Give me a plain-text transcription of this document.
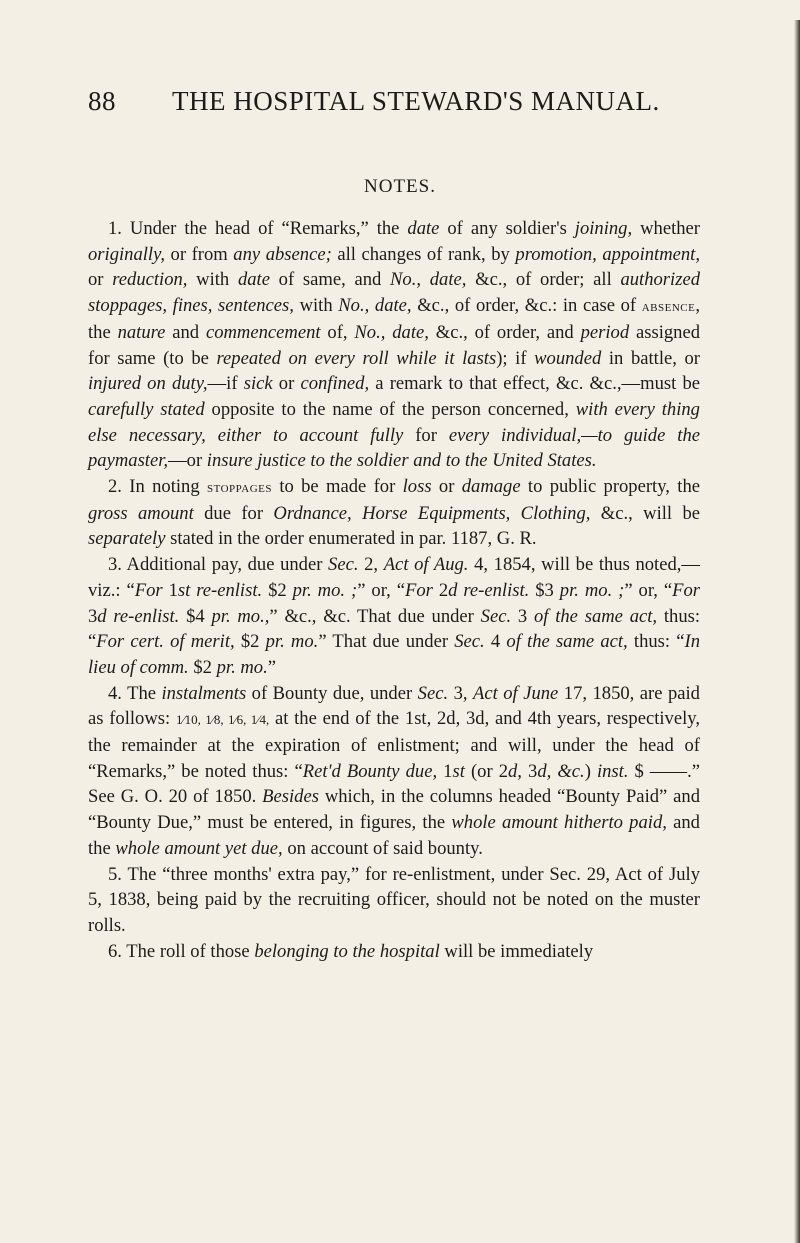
88 THE HOSPITAL STEWARD'S MANUAL.
NOTES.

1. Under the head of “Remarks,” the date of any soldier's joining, whether originally, or from any absence; all changes of rank, by promotion, appointment, or reduction, with date of same, and No., date, &c., of order; all authorized stoppages, fines, sentences, with No., date, &c., of order, &c.: in case of absence, the nature and commencement of, No., date, &c., of order, and period assigned for same (to be repeated on every roll while it lasts); if wounded in battle, or injured on duty,—if sick or confined, a remark to that effect, &c. &c.,—must be carefully stated opposite to the name of the person concerned, with every thing else necessary, either to account fully for every individual,—to guide the paymaster,—or insure justice to the soldier and to the United States.

2. In noting stoppages to be made for loss or damage to public property, the gross amount due for Ordnance, Horse Equipments, Clothing, &c., will be separately stated in the order enumerated in par. 1187, G. R.

3. Additional pay, due under Sec. 2, Act of Aug. 4, 1854, will be thus noted,—viz.: “For 1st re-enlist. $2 pr. mo. ;” or, “For 2d re-enlist. $3 pr. mo. ;” or, “For 3d re-enlist. $4 pr. mo.,” &c., &c. That due under Sec. 3 of the same act, thus: “For cert. of merit, $2 pr. mo.” That due under Sec. 4 of the same act, thus: “In lieu of comm. $2 pr. mo.”

4. The instalments of Bounty due, under Sec. 3, Act of June 17, 1850, are paid as follows: 1⁄10, 1⁄8, 1⁄6, 1⁄4, at the end of the 1st, 2d, 3d, and 4th years, respectively, the remainder at the expiration of enlistment; and will, under the head of “Remarks,” be noted thus: “Ret'd Bounty due, 1st (or 2d, 3d, &c.) inst. $ ——.” See G. O. 20 of 1850. Besides which, in the columns headed “Bounty Paid” and “Bounty Due,” must be entered, in figures, the whole amount hitherto paid, and the whole amount yet due, on account of said bounty.

5. The “three months' extra pay,” for re-enlistment, under Sec. 29, Act of July 5, 1838, being paid by the recruiting officer, should not be noted on the muster rolls.

6. The roll of those belonging to the hospital will be immediately
